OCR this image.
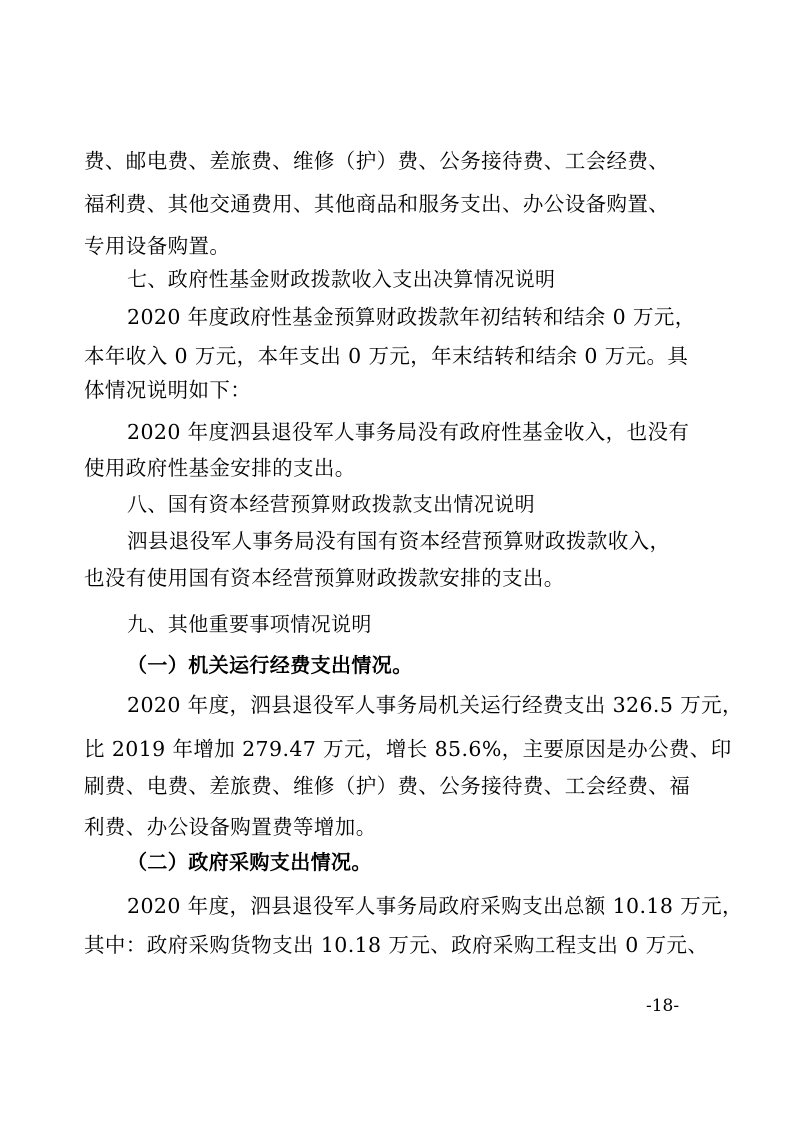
费、邮电费、差旅费、维修（护）费、公务接待费、工会经费、
福利费、其他交通费用、其他商品和服务支出、办公设备购置、
专用设备购置。
七、政府性基金财政拨款收入支出决算情况说明
2020 年度政府性基金预算财政拨款年初结转和结余 0 万元，
本年收入 0 万元，本年支出 0 万元，年末结转和结余 0 万元。具
体情况说明如下：
2020 年度泗县退役军人事务局没有政府性基金收入，也没有
使用政府性基金安排的支出。
八、国有资本经营预算财政拨款支出情况说明
泗县退役军人事务局没有国有资本经营预算财政拨款收入，
也没有使用国有资本经营预算财政拨款安排的支出。
九、其他重要事项情况说明
（一）机关运行经费支出情况。
2020 年度，泗县退役军人事务局机关运行经费支出 326.5 万元，
比 2019 年增加 279.47 万元，增长 85.6%，主要原因是办公费、印
刷费、电费、差旅费、维修（护）费、公务接待费、工会经费、福
利费、办公设备购置费等增加。
（二）政府采购支出情况。
2020 年度，泗县退役军人事务局政府采购支出总额 10.18 万元，
其中：政府采购货物支出 10.18 万元、政府采购工程支出 0 万元、
-18-
